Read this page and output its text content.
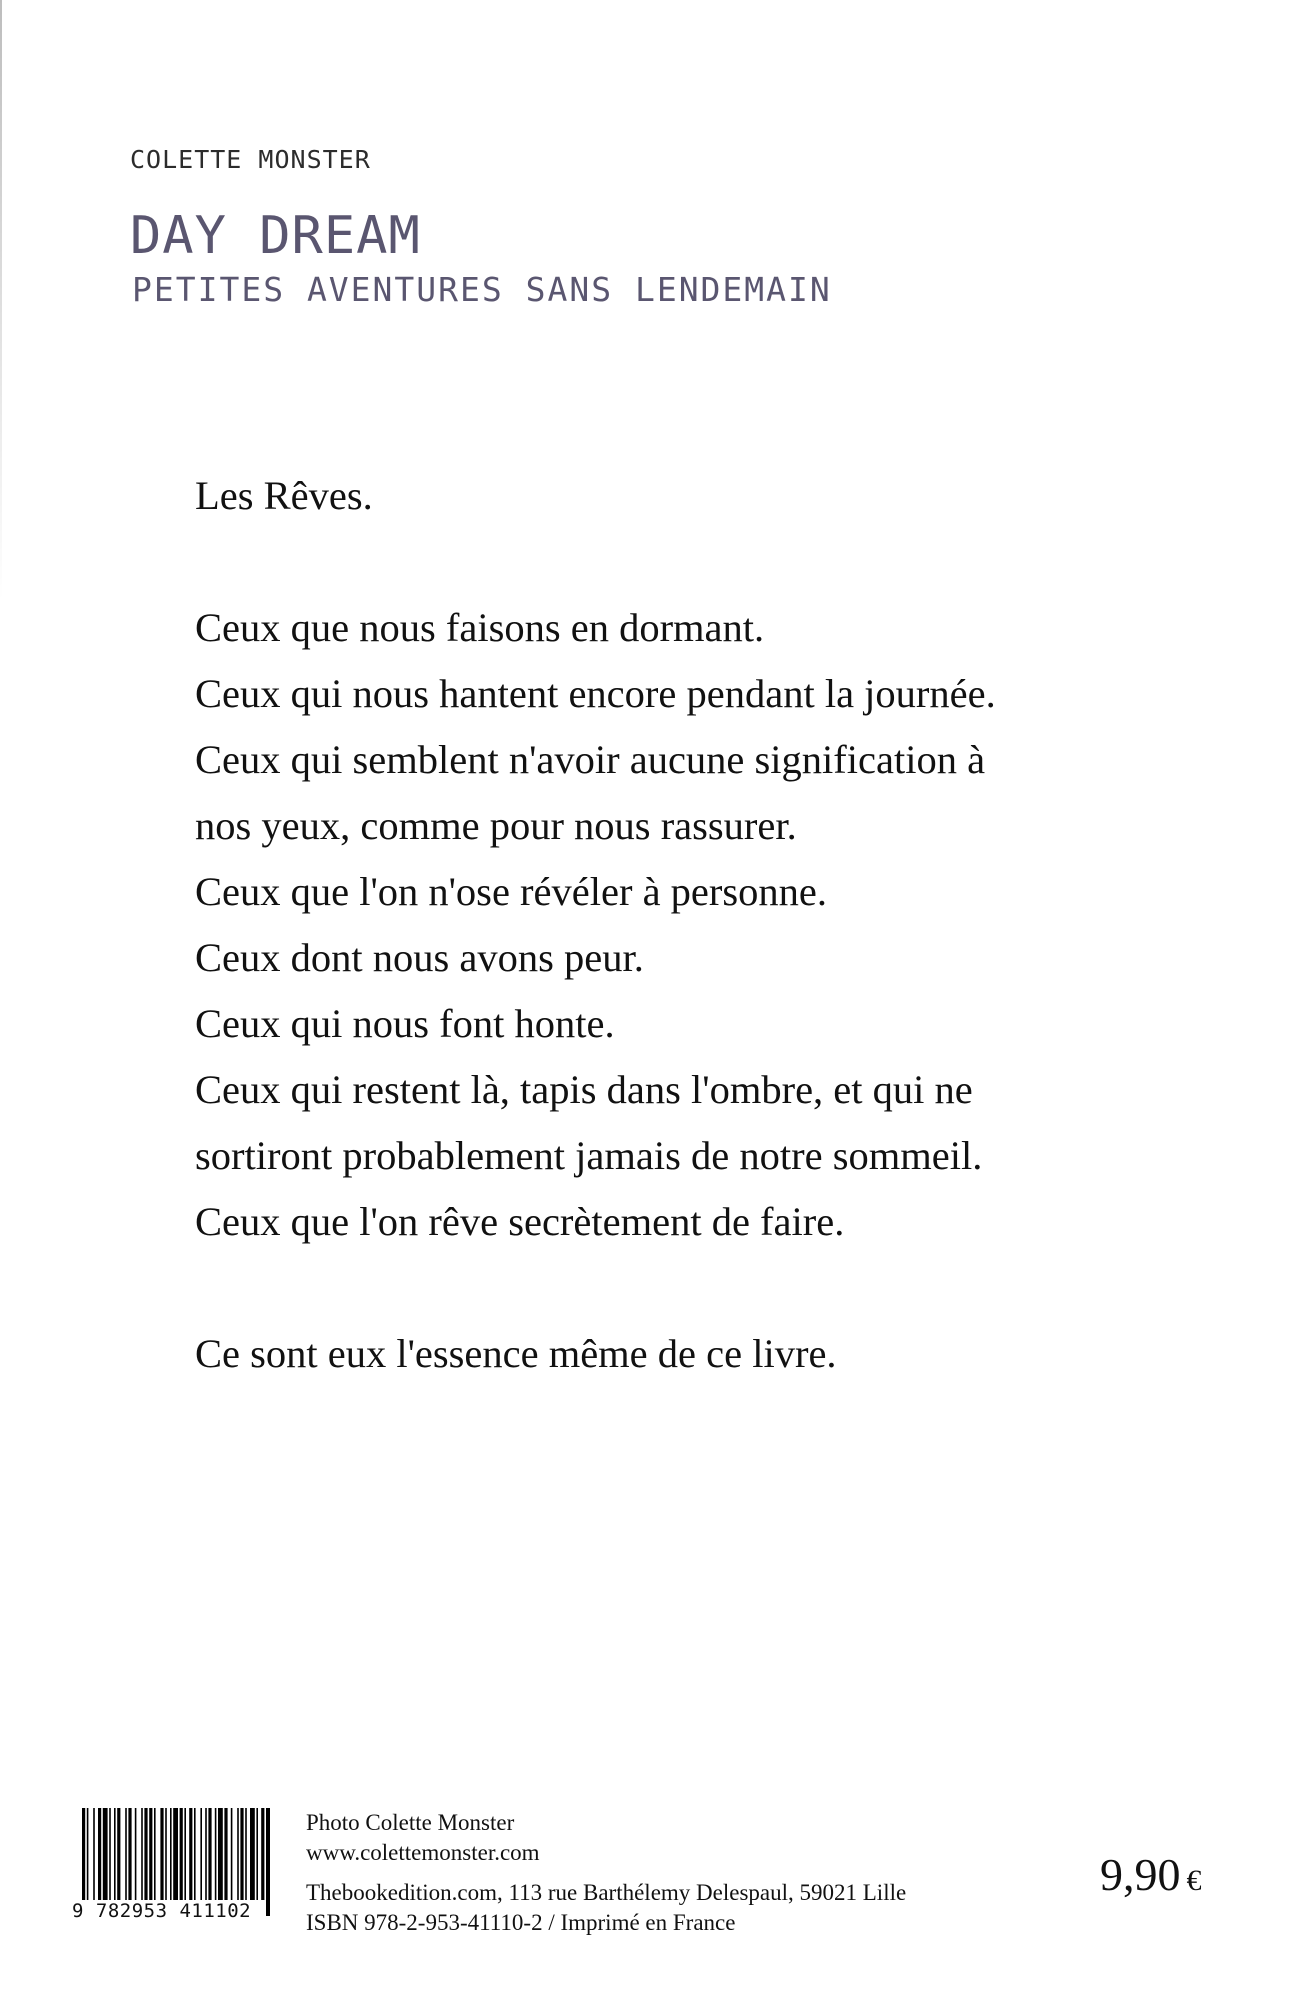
COLETTE MONSTER
DAY DREAM
PETITES AVENTURES SANS LENDEMAIN

Les Rêves.

Ceux que nous faisons en dormant.

Ceux qui nous hantent encore pendant la journée.

Ceux qui semblent n'avoir aucune signification à

nos yeux, comme pour nous rassurer.

Ceux que l'on n'ose révéler à personne.

Ceux dont nous avons peur.

Ceux qui nous font honte.

Ceux qui restent là, tapis dans l'ombre, et qui ne

sortiront probablement jamais de notre sommeil.

Ceux que l'on rêve secrètement de faire.

Ce sont eux l'essence même de ce livre.

9 782953 411102
Photo Colette Monster
www.colettemonster.com
Thebookedition.com, 113 rue Barthélemy Delespaul, 59021 Lille
ISBN 978-2-953-41110-2 / Imprimé en France
9,90 €
